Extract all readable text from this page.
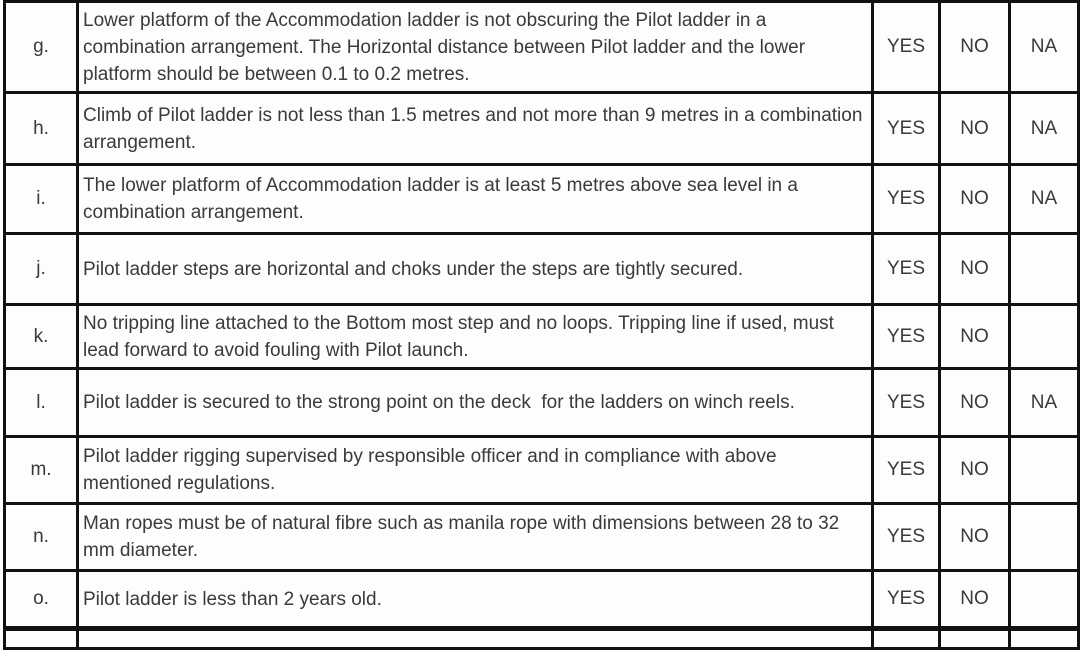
g.	Lower platform of the Accommodation ladder is not obscuring the Pilot ladder in a combination arrangement. The Horizontal distance between Pilot ladder and the lower platform should be between 0.1 to 0.2 metres.	YES	NO	NA
h.	Climb of Pilot ladder is not less than 1.5 metres and not more than 9 metres in a combination arrangement.	YES	NO	NA
i.	The lower platform of Accommodation ladder is at least 5 metres above sea level in a combination arrangement.	YES	NO	NA
j.	Pilot ladder steps are horizontal and choks under the steps are tightly secured.	YES	NO	
k.	No tripping line attached to the Bottom most step and no loops. Tripping line if used, must lead forward to avoid fouling with Pilot launch.	YES	NO	
l.	Pilot ladder is secured to the strong point on the deck  for the ladders on winch reels.	YES	NO	NA
m.	Pilot ladder rigging supervised by responsible officer and in compliance with above mentioned regulations.	YES	NO	
n.	Man ropes must be of natural fibre such as manila rope with dimensions between 28 to 32 mm diameter.	YES	NO	
o.	Pilot ladder is less than 2 years old.	YES	NO	
